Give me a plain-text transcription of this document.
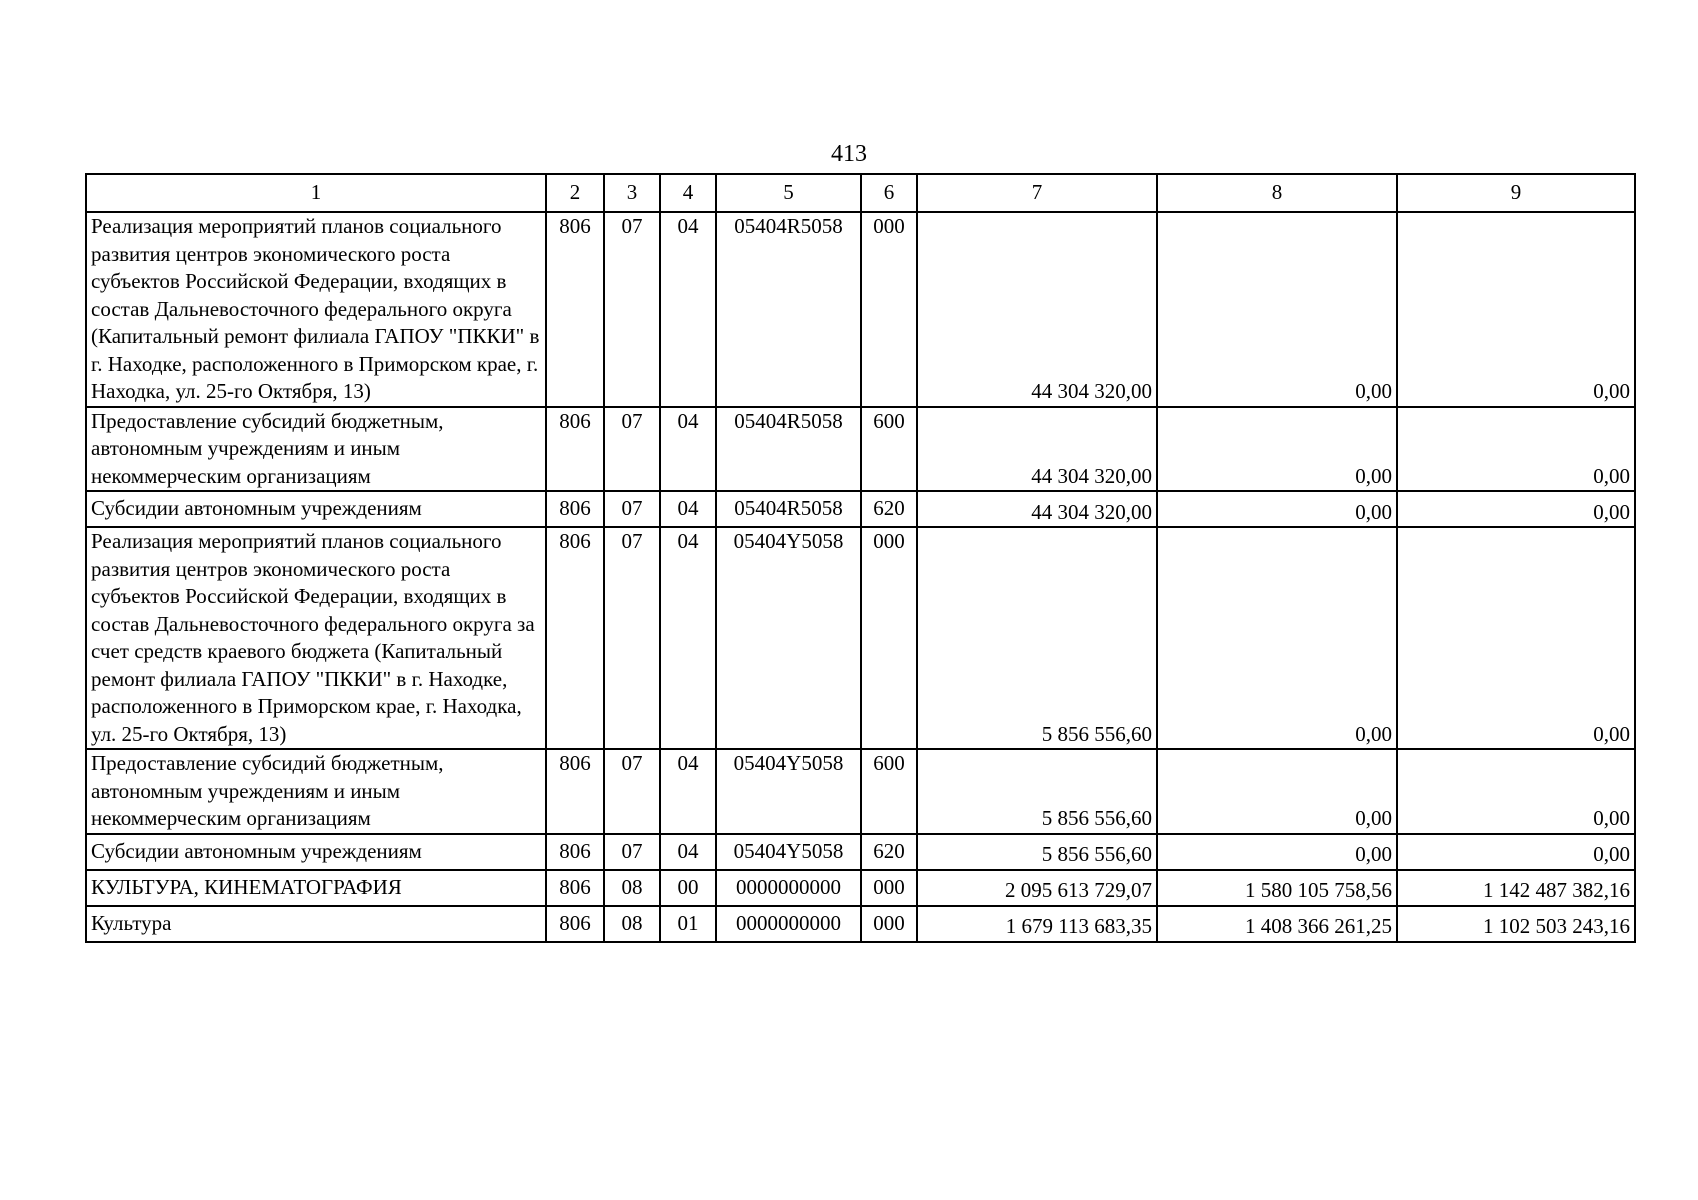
413
1	2	3	4	5	6	7	8	9
Реализация мероприятий планов социального развития центров экономического роста субъектов Российской Федерации, входящих в состав Дальневосточного федерального округа (Капитальный ремонт филиала ГАПОУ "ПККИ" в г. Находке, расположенного в Приморском крае, г. Находка, ул. 25-го Октября, 13)	806	07	04	05404R5058	000	44 304 320,00	0,00	0,00
Предоставление субсидий бюджетным, автономным учреждениям и иным некоммерческим организациям	806	07	04	05404R5058	600	44 304 320,00	0,00	0,00
Субсидии автономным учреждениям	806	07	04	05404R5058	620	44 304 320,00	0,00	0,00
Реализация мероприятий планов социального развития центров экономического роста субъектов Российской Федерации, входящих в состав Дальневосточного федерального округа за счет средств краевого бюджета (Капитальный ремонт филиала ГАПОУ "ПККИ" в г. Находке, расположенного в Приморском крае, г. Находка, ул. 25-го Октября, 13)	806	07	04	05404Y5058	000	5 856 556,60	0,00	0,00
Предоставление субсидий бюджетным, автономным учреждениям и иным некоммерческим организациям	806	07	04	05404Y5058	600	5 856 556,60	0,00	0,00
Субсидии автономным учреждениям	806	07	04	05404Y5058	620	5 856 556,60	0,00	0,00
КУЛЬТУРА, КИНЕМАТОГРАФИЯ	806	08	00	0000000000	000	2 095 613 729,07	1 580 105 758,56	1 142 487 382,16
Культура	806	08	01	0000000000	000	1 679 113 683,35	1 408 366 261,25	1 102 503 243,16
